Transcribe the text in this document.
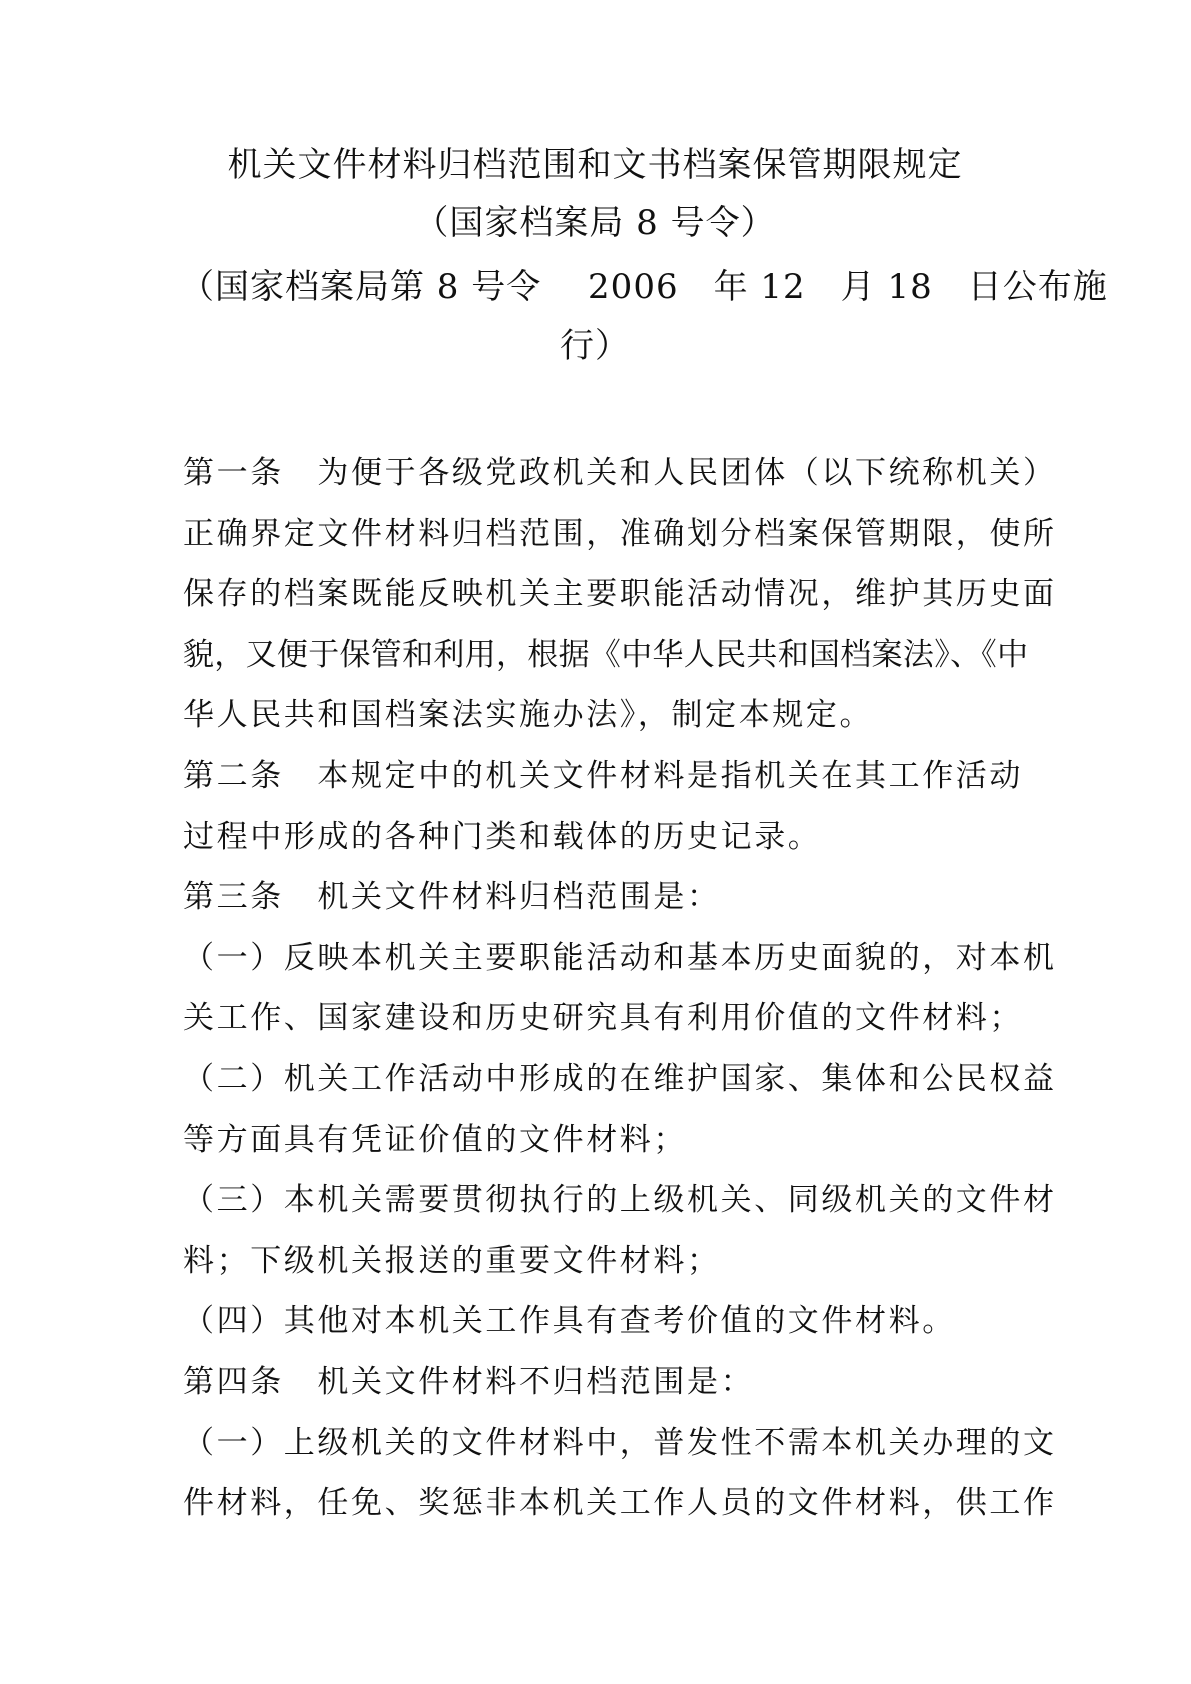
机关文件材料归档范围和文书档案保管期限规定
（国家档案局 8 号令）
（国家档案局第 8 号令　 2006　年 12　月 18　日公布施
行）
第一条　为便于各级党政机关和人民团体（以下统称机关）
正确界定文件材料归档范围，准确划分档案保管期限，使所
保存的档案既能反映机关主要职能活动情况，维护其历史面
貌，又便于保管和利用，根据《中华人民共和国档案法》、《中
华人民共和国档案法实施办法》，制定本规定。
第二条　本规定中的机关文件材料是指机关在其工作活动
过程中形成的各种门类和载体的历史记录。
第三条　机关文件材料归档范围是：
（一）反映本机关主要职能活动和基本历史面貌的，对本机
关工作、国家建设和历史研究具有利用价值的文件材料；
（二）机关工作活动中形成的在维护国家、集体和公民权益
等方面具有凭证价值的文件材料；
（三）本机关需要贯彻执行的上级机关、同级机关的文件材
料；下级机关报送的重要文件材料；
（四）其他对本机关工作具有查考价值的文件材料。
第四条　机关文件材料不归档范围是：
（一）上级机关的文件材料中，普发性不需本机关办理的文
件材料，任免、奖惩非本机关工作人员的文件材料，供工作
